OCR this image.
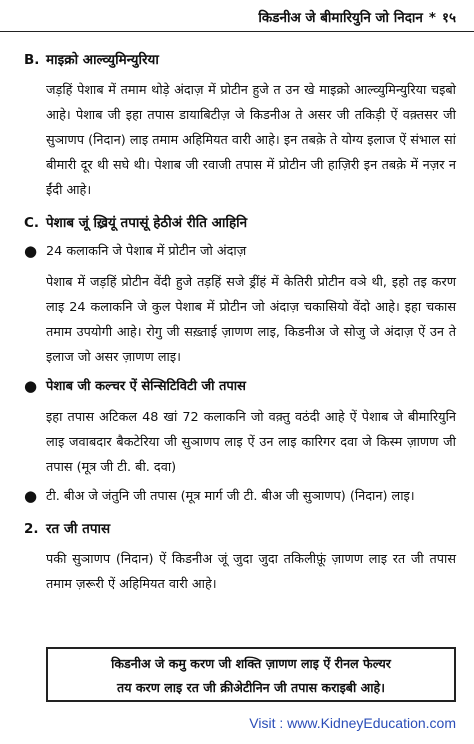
किडनीअ जे बीमारियुनि जो निदान * १५
B. माइक्रो आल्व्युमिन्युरिया

जड़हिं पेशाब में तमाम थोड़े अंदाज़ में प्रोटीन हुजे त उन खे माइक्रो आल्व्युमिन्युरिया चइबो आहे। पेशाब जी इहा तपास डायाबिटीज़ जे किडनीअ ते असर जी तकिड़ी ऐं वक़्तसर जी सुञाणप (निदान) लाइ तमाम अहिमियत वारी आहे। इन तबक़े ते योग्य इलाज ऐं संभाल सां बीमारी दूर थी सघे थी। पेशाब जी रवाजी तपास में प्रोटीन जी हाज़िरी इन तबक़े में नज़र न ईंदी आहे।

C. पेशाब जूं ख़्रियूं तपासूं हेठीअं रीति आहिनि
● 24 कलाकनि जे पेशाब में प्रोटीन जो अंदाज़

पेशाब में जड़हिं प्रोटीन वेंदी हुजे तड़हिं सजे ड्रींहं में केतिरी प्रोटीन वञे थी, इहो तइ करण लाइ 24 कलाकनि जे कुल पेशाब में प्रोटीन जो अंदाज़ चकासियो वेंदो आहे। इहा चकास तमाम उपयोगी आहे। रोगु जी सख़्ताई ज़ाणण लाइ, किडनीअ जे सोजु जे अंदाज़ ऐं उन ते इलाज जो असर ज़ाणण लाइ।

● पेशाब जी कल्चर ऐं सेन्सिटिविटी जी तपास

इहा तपास अटिकल 48 खां 72 कलाकनि जो वक़्तु वठंदी आहे ऐं पेशाब जे बीमारियुनि लाइ जवाबदार बैकटेरिया जी सुञाणप लाइ ऐं उन लाइ कारिगर दवा जे किस्म ज़ाणण जी तपास (मूत्र जी टी. बी. दवा)

● टी. बीअ जे जंतुनि जी तपास (मूत्र मार्ग जी टी. बीअ जी सुञाणप) (निदान) लाइ।
2. रत जी तपास

पकी सुञाणप (निदान) ऐं किडनीअ जूं जुदा जुदा तकिलीफ़ूं ज़ाणण लाइ रत जी तपास तमाम ज़रूरी ऐं अहिमियत वारी आहे।

किडनीअ जे कमु करण जी शक्ति ज़ाणण लाइ ऐं रीनल फेल्यर
तय करण लाइ रत जी क्रीअेटीनिन जी तपास कराइबी आहे।
Visit : www.KidneyEducation.com
